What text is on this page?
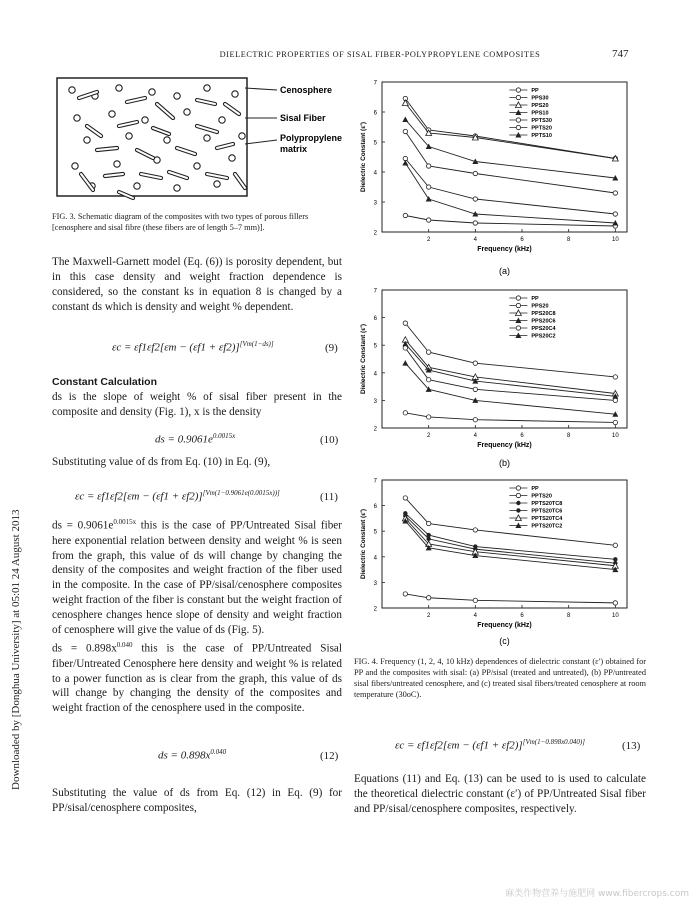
DIELECTRIC PROPERTIES OF SISAL FIBER-POLYPROPYLENE COMPOSITES	747
Downloaded by [Donghua University] at 05:01 24 August 2013
Cenosphere
Sisal Fiber
Polypropylene
matrix
FIG. 3. Schematic diagram of the composites with two types of porous fillers [cenosphere and sisal fibre (these fibers are of length 5–7 mm)].
The Maxwell-Garnett model (Eq. (6)) is porosity dependent, but in this case density and weight fraction dependence is considered, so the constant ks in equation 8 is changed by a constant ds which is density and weight % dependent.
εc = εf1εf2[εm − (εf1 + εf2)][Vm(1−ds)]	(9)
Constant Calculation
ds is the slope of weight % of sisal fiber present in the composite and density (Fig. 1), x is the density
ds = $0.9061e^{0.0015x}$	(10)
Substituting value of ds from Eq. (10) in Eq. (9),
εc = εf1εf2[εm − (εf1 + εf2)][Vm(1−0.9061e(0.0015x))]	(11)
ds = $0.9061e^{0.0015x}$ this is the case of PP/Untreated Sisal fiber here exponential relation between density and weight % is seen from the graph, this value of ds will change by changing the density of the composites and weight fraction of the fiber used in the composite. In the case of PP/sisal/cenosphere composites weight fraction of the fiber is constant but the weight fraction of cenosphere changes hence slope of density and weight fraction of cenosphere will give the value of ds (Fig. 5).
ds = $0.898x^{0.040}$ this is the case of PP/Untreated Sisal fiber/Untreated Cenosphere here density and weight % is related to a power function as is clear from the graph, this value of ds will change by changing the density of the composites and weight fraction of the cenosphere used in the composite.
ds = $0.898x^{0.040}$	(12)
Substituting the value of ds from Eq. (12) in Eq. (9) for PP/sisal/cenosphere composites,
2
3
4
5
6
7
2	4	6	8	10
Frequency (kHz)
Dielectric Constant (ε′)
PP
PPS30
PPS20
PPS10
PPTS30
PPTS20
PPTS10
(a)
2
3
4
5
6
7
2	4	6	8	10
Frequency (kHz)
Dielectric Constant (ε′)
PP
PPS20
PPS20C8
PPS20C6
PPS20C4
PPS20C2
(b)
2
3
4
5
6
7
2	4	6	8	10
Frequency (kHz)
Dielectric Constant (ε′)
PP
PPTS20
PPTS20TC8
PPTS20TC6
PPTS20TC4
PPTS20TC2
(c)
FIG. 4. Frequency (1, 2, 4, 10 kHz) dependences of dielectric constant (ε′) obtained for PP and the composites with sisal: (a) PP/sisal (treated and untreated), (b) PP/untreated sisal fibers/untreated cenosphere, and (c) treated sisal fibers/treated cenosphere at room temperature (30oC).
εc = εf1εf2[εm − (εf1 + εf2)][Vm(1−0.898x0.040)]	(13)
Equations (11) and Eq. (13) can be used to is used to calculate the theoretical dielectric constant (ε′) of PP/Untreated Sisal fiber and PP/sisal/cenosphere composites, respectively.
麻类作物营养与施肥网 www.fibercrops.com
